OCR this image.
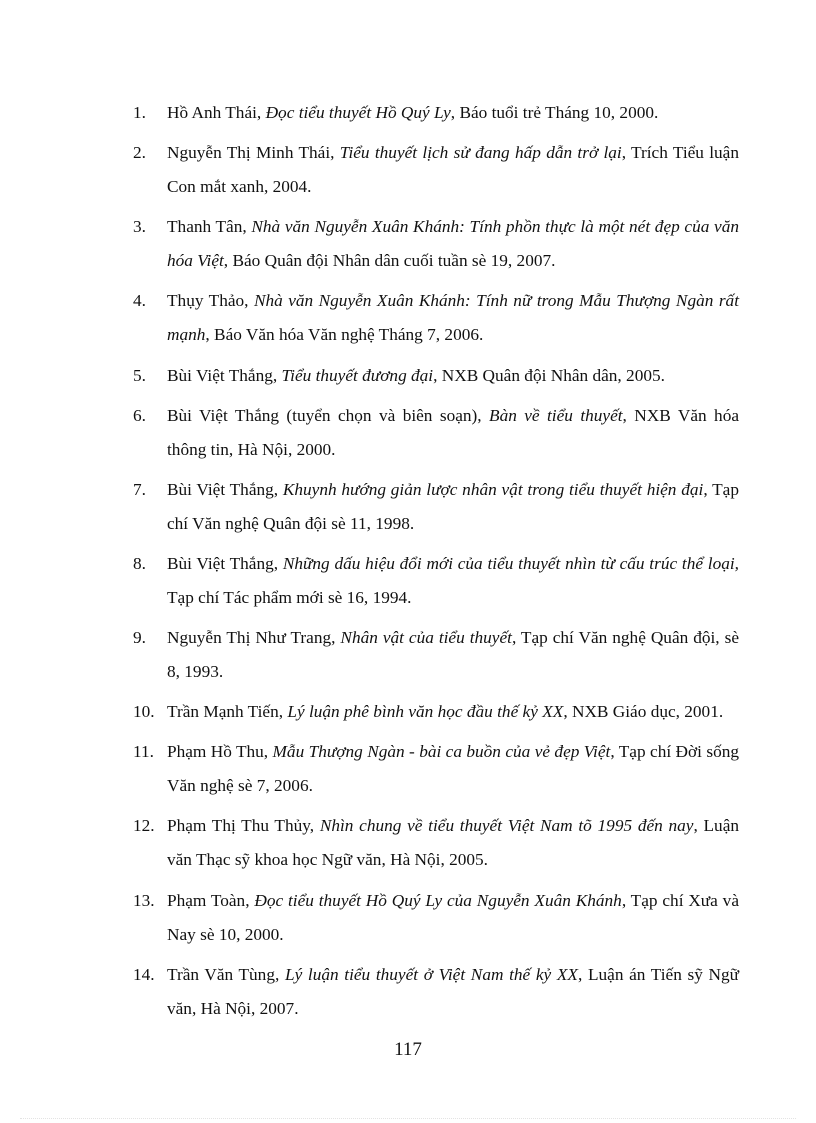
1.	Hồ Anh Thái, Đọc tiểu thuyết Hồ Quý Ly, Báo tuổi trẻ Tháng 10, 2000.
2.	Nguyễn Thị Minh Thái, Tiểu thuyết lịch sử đang hấp dẫn trở lại, Trích Tiểu luận Con mắt xanh, 2004.
3.	Thanh Tân, Nhà văn Nguyễn Xuân Khánh: Tính phồn thực là một nét đẹp của văn hóa Việt, Báo Quân đội Nhân dân cuối tuần sè 19, 2007.
4.	Thụy Thảo, Nhà văn Nguyễn Xuân Khánh: Tính nữ trong Mẫu Thượng Ngàn rất mạnh, Báo Văn hóa Văn nghệ Tháng 7, 2006.
5.	Bùi Việt Thắng, Tiểu thuyết đương đại, NXB Quân đội Nhân dân, 2005.
6.	Bùi Việt Thắng (tuyển chọn và biên soạn), Bàn về tiểu thuyết, NXB Văn hóa thông tin, Hà Nội, 2000.
7.	Bùi Việt Thắng, Khuynh hướng giản lược nhân vật trong tiểu thuyết hiện đại, Tạp chí Văn nghệ Quân đội sè 11, 1998.
8.	Bùi Việt Thắng, Những dấu hiệu đổi mới của tiểu thuyết nhìn từ cấu trúc thể loại, Tạp chí Tác phẩm mới sè 16, 1994.
9.	Nguyễn Thị Như Trang, Nhân vật của tiểu thuyết, Tạp chí Văn nghệ Quân đội, sè 8, 1993.
10. Trần Mạnh Tiến, Lý luận phê bình văn học đầu thế kỷ XX, NXB Giáo dục, 2001.
11. Phạm Hồ Thu, Mẫu Thượng Ngàn - bài ca buồn của vẻ đẹp Việt, Tạp chí Đời sống Văn nghệ sè 7, 2006.
12. Phạm Thị Thu Thủy, Nhìn chung về tiểu thuyết Việt Nam tõ 1995 đến nay, Luận văn Thạc sỹ khoa học Ngữ văn, Hà Nội, 2005.
13. Phạm Toàn, Đọc tiểu thuyết Hồ Quý Ly của Nguyễn Xuân Khánh, Tạp chí Xưa và Nay sè 10, 2000.
14. Trần Văn Tùng, Lý luận tiểu thuyết ở Việt Nam thế kỷ XX, Luận án Tiến sỹ Ngữ văn, Hà Nội, 2007.
117
